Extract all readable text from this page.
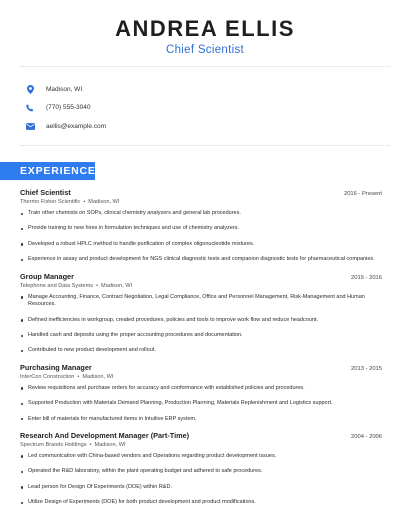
ANDREA ELLIS
Chief Scientist
Madison, WI
(770) 555-3040
aellis@example.com
EXPERIENCE
Chief Scientist	2016 - Present
Thermo Fisher Scientific • Madison, WI
Train other chemists on SOPs, clinical chemistry analyzers and general lab procedures.
Provide training to new hires in formulation techniques and use of chemistry analyzers.
Developed a robust HPLC method to handle purification of complex oligonucleotide mixtures.
Experience in assay and product development for NGS clinical diagnostic tests and companion diagnostic tests for pharmaceutical companies.
Group Manager	2015 - 2016
Telephone and Data Systems • Madison, WI
Manage Accounting, Finance, Contract Negotiation, Legal Compliance, Office and Personnel Management, Risk-Management and Human Resources.
Defined inefficiencies in workgroup, created procedures, policies and tools to improve work flow and reduce headcount.
Handled cash and deposits using the proper accounting procedures and documentation.
Contributed to new product development and rollout.
Purchasing Manager	2013 - 2015
InterCon Construction • Madison, WI
Review requisitions and purchase orders for accuracy and conformance with established policies and procedures.
Supported Production with Materials Demand Planning, Production Planning, Materials Replenishment and Logistics support.
Enter bill of materials for manufactured items in Intuitive ERP system.
Research And Development Manager (Part-Time)	2004 - 2006
Spectrum Brands Holdings • Madison, WI
Led communication with China-based vendors and Operations regarding product development issues.
Operated the R&D laboratory, within the plant operating budget and adhered to safe procedures.
Lead person for Design Of Experiments (DOE) within R&D.
Utilize Design of Experiments (DOE) for both product development and product modifications.
